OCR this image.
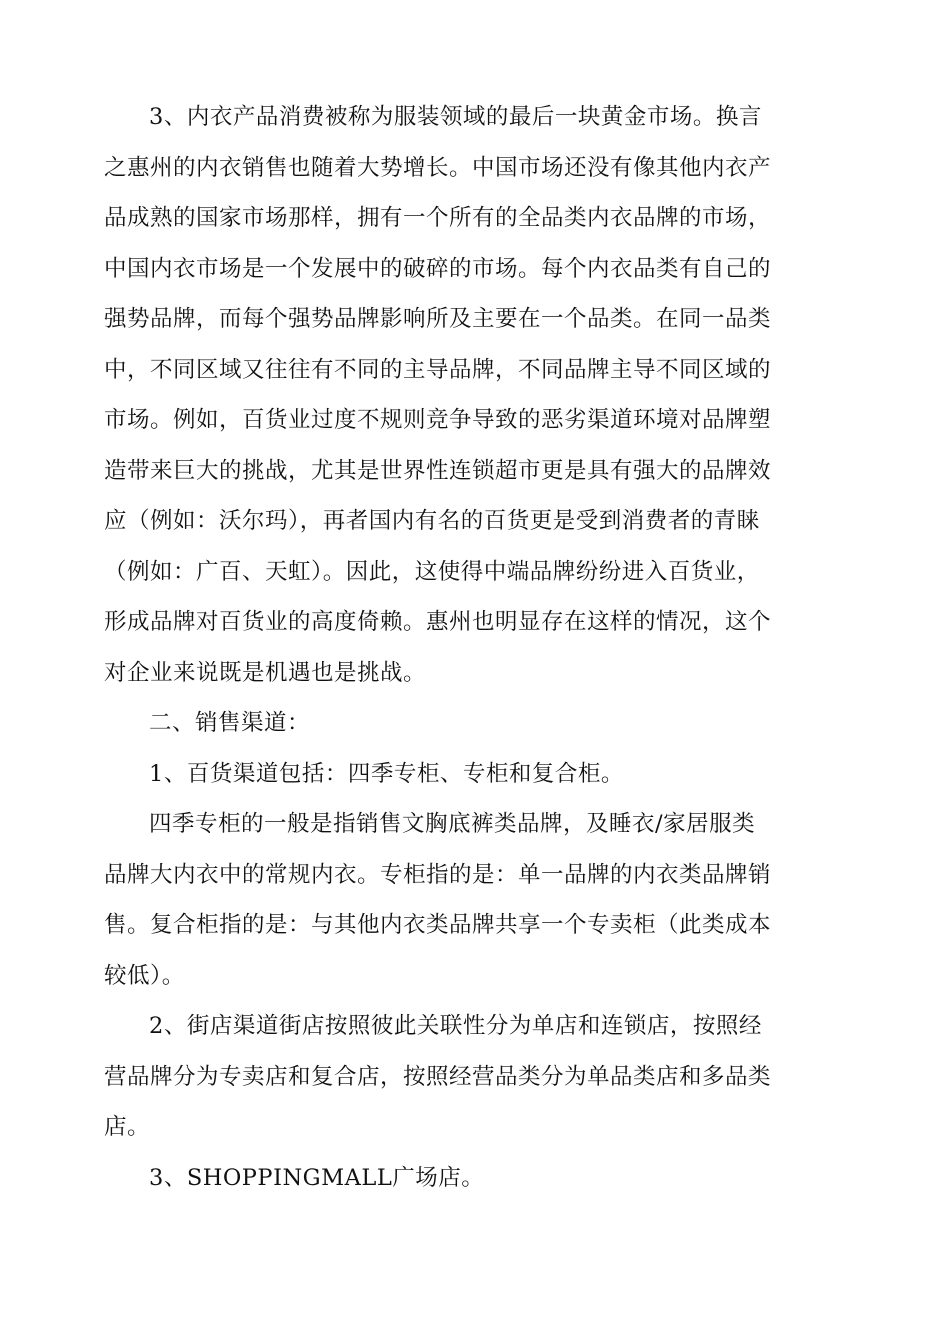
3、内衣产品消费被称为服装领域的最后一块黄金市场。换言
之惠州的内衣销售也随着大势增长。中国市场还没有像其他内衣产
品成熟的国家市场那样，拥有一个所有的全品类内衣品牌的市场，
中国内衣市场是一个发展中的破碎的市场。每个内衣品类有自己的
强势品牌，而每个强势品牌影响所及主要在一个品类。在同一品类
中，不同区域又往往有不同的主导品牌，不同品牌主导不同区域的
市场。例如，百货业过度不规则竞争导致的恶劣渠道环境对品牌塑
造带来巨大的挑战，尤其是世界性连锁超市更是具有强大的品牌效
应（例如：沃尔玛），再者国内有名的百货更是受到消费者的青睐
（例如：广百、天虹）。因此，这使得中端品牌纷纷进入百货业，
形成品牌对百货业的高度倚赖。惠州也明显存在这样的情况，这个
对企业来说既是机遇也是挑战。

二、销售渠道：

1、百货渠道包括：四季专柜、专柜和复合柜。

四季专柜的一般是指销售文胸底裤类品牌，及睡衣/家居服类
品牌大内衣中的常规内衣。专柜指的是：单一品牌的内衣类品牌销
售。复合柜指的是：与其他内衣类品牌共享一个专卖柜（此类成本
较低）。

2、街店渠道街店按照彼此关联性分为单店和连锁店，按照经
营品牌分为专卖店和复合店，按照经营品类分为单品类店和多品类
店。

3、SHOPPINGMALL广场店。
